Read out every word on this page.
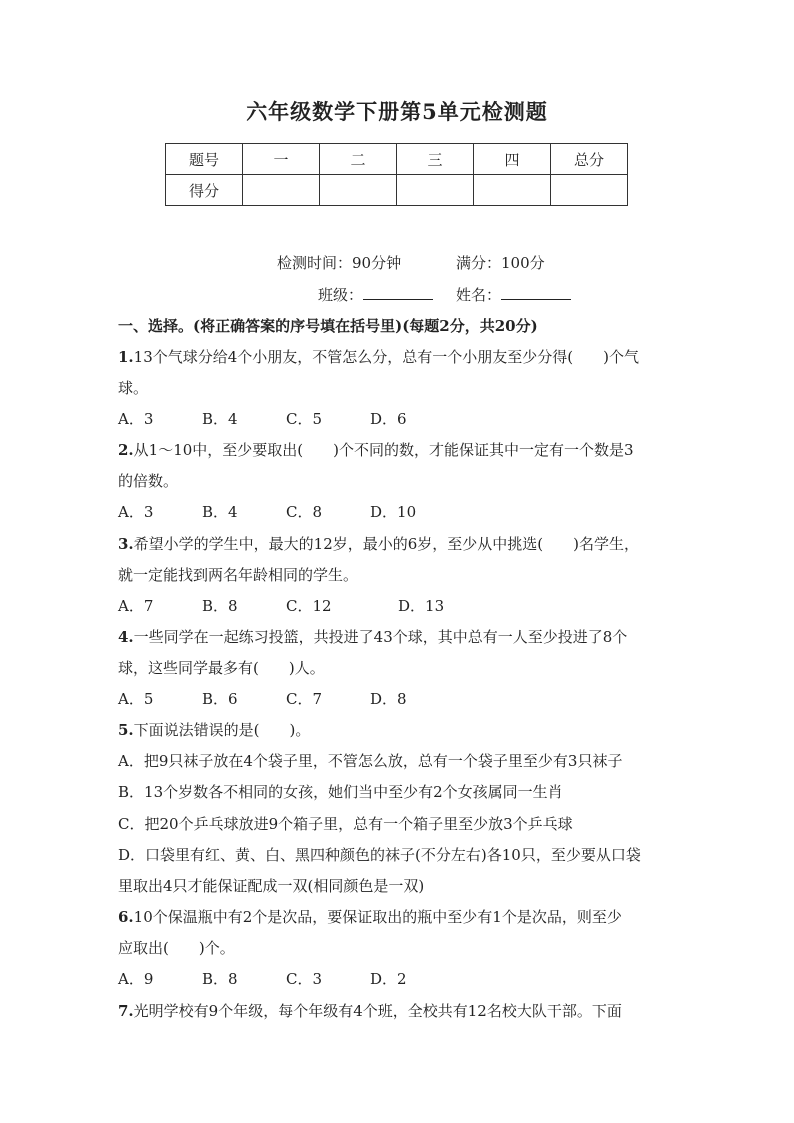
六年级数学下册第5单元检测题
题号	一	二	三	四	总分
得分					
检测时间：90分钟	满分：100分
班级：	姓名：
一、选择。(将正确答案的序号填在括号里)(每题2分，共20分)
1.13个气球分给4个小朋友，不管怎么分，总有一个小朋友至少分得(　　)个气
球。
A．3	B．4	C．5	D．6
2.从1～10中，至少要取出(　　)个不同的数，才能保证其中一定有一个数是3
的倍数。
A．3	B．4	C．8	D．10
3.希望小学的学生中，最大的12岁，最小的6岁，至少从中挑选(　　)名学生，
就一定能找到两名年龄相同的学生。
A．7	B．8	C．12	D．13
4.一些同学在一起练习投篮，共投进了43个球，其中总有一人至少投进了8个
球，这些同学最多有(　　)人。
A．5	B．6	C．7	D．8
5.下面说法错误的是(　　)。
A．把9只袜子放在4个袋子里，不管怎么放，总有一个袋子里至少有3只袜子
B．13个岁数各不相同的女孩，她们当中至少有2个女孩属同一生肖
C．把20个乒乓球放进9个箱子里，总有一个箱子里至少放3个乒乓球
D．口袋里有红、黄、白、黑四种颜色的袜子(不分左右)各10只，至少要从口袋
里取出4只才能保证配成一双(相同颜色是一双)
6.10个保温瓶中有2个是次品，要保证取出的瓶中至少有1个是次品，则至少
应取出(　　)个。
A．9	B．8	C．3	D．2
7.光明学校有9个年级，每个年级有4个班，全校共有12名校大队干部。下面
